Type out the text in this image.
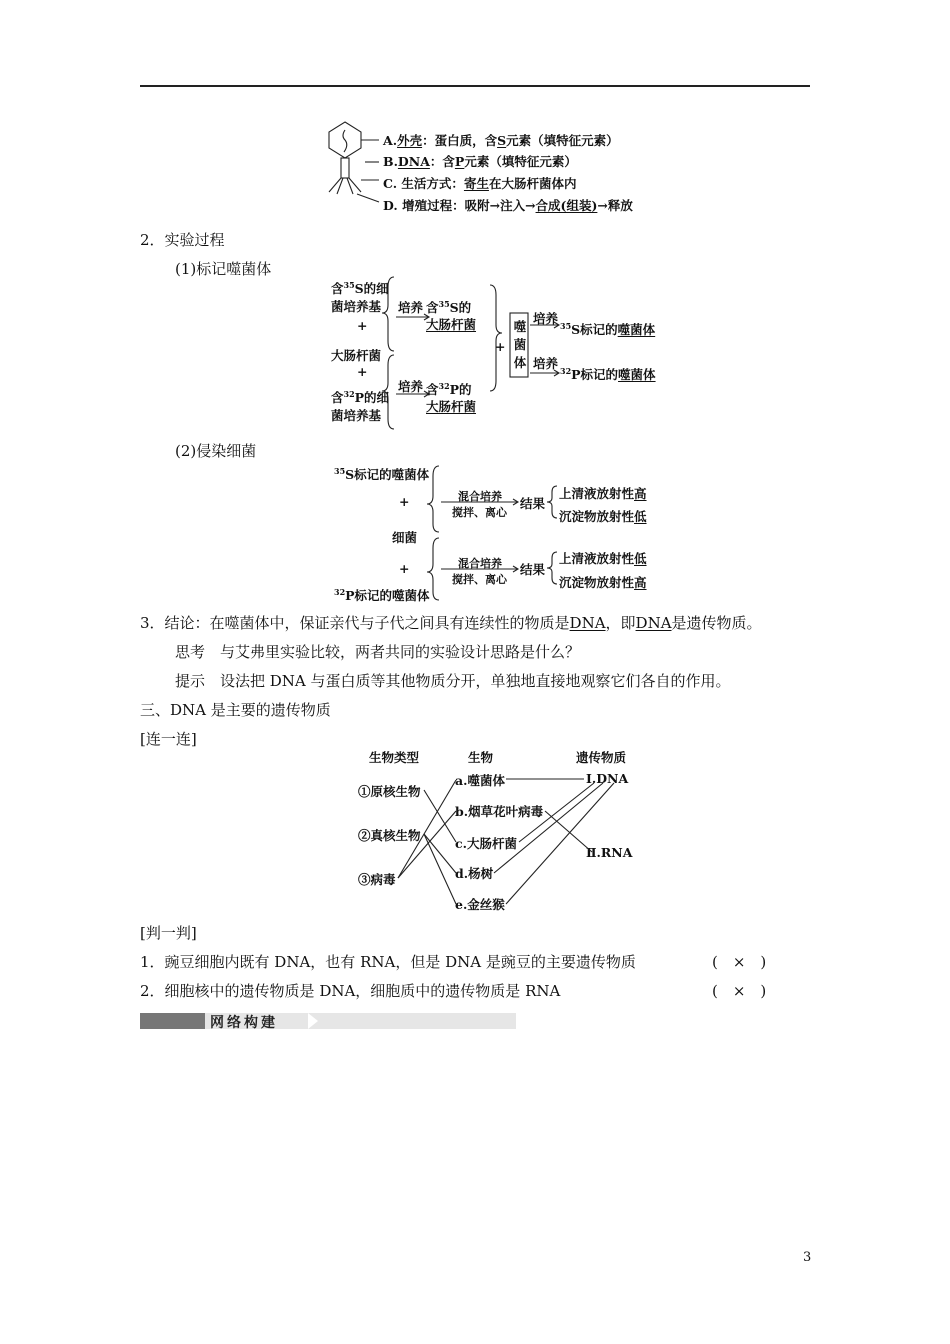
A.外壳：蛋白质，含S元素（填特征元素）
B.DNA：含P元素（填特征元素）
C. 生活方式：寄生在大肠杆菌体内
D. 增殖过程：吸附→注入→合成(组装)→释放
2．实验过程
(1)标记噬菌体
含$^{35}$S的细
菌培养基
+
大肠杆菌
+
含$^{32}$P的细
菌培养基
培养 含$^{35}$S的
大肠杆菌
培养 含$^{32}$P的
大肠杆菌
+
噬
菌
体
培养 $^{35}$S标记的噬菌体
培养 $^{32}$P标记的噬菌体
(2)侵染细菌
$^{35}$S标记的噬菌体
+
细菌
+
$^{32}$P标记的噬菌体
混合培养
搅拌、离心
结果
上清液放射性高
沉淀物放射性低
混合培养
搅拌、离心
结果
上清液放射性低
沉淀物放射性高
3．结论：在噬菌体中，保证亲代与子代之间具有连续性的物质是DNA，即DNA是遗传物质。
思考　与艾弗里实验比较，两者共同的实验设计思路是什么？
提示　设法把 DNA 与蛋白质等其他物质分开，单独地直接地观察它们各自的作用。
三、DNA 是主要的遗传物质
[连一连]
生物类型	生物	遗传物质
①原核生物
②真核生物
③病毒
a.噬菌体
b.烟草花叶病毒
c.大肠杆菌
d.杨树
e.金丝猴
Ⅰ.DNA
Ⅱ.RNA
[判一判]
1．豌豆细胞内既有 DNA，也有 RNA，但是 DNA 是豌豆的主要遗传物质	(　×　)
2．细胞核中的遗传物质是 DNA，细胞质中的遗传物质是 RNA	(　×　)
网络构建
3
